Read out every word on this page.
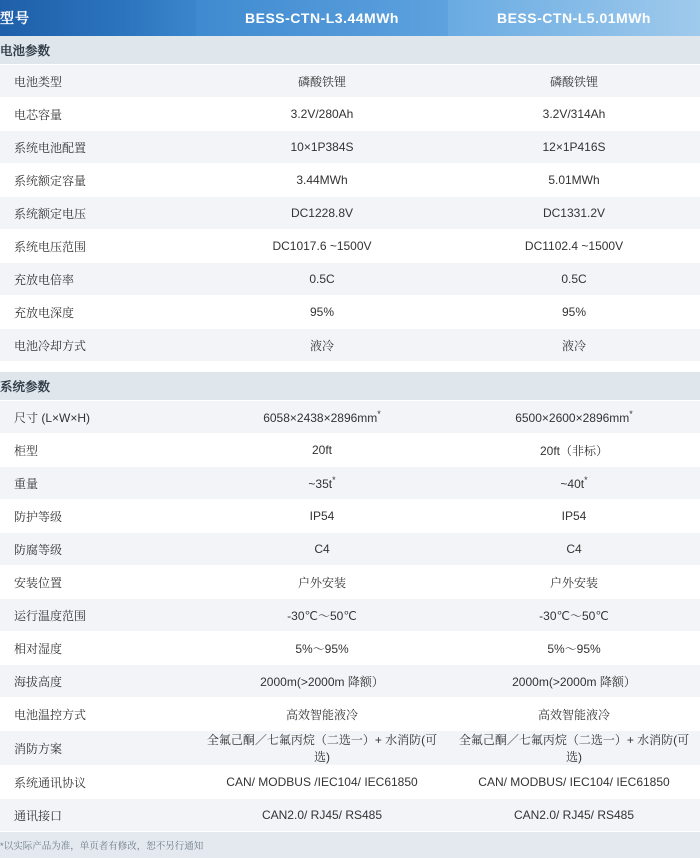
型号	BESS-CTN-L3.44MWh	BESS-CTN-L5.01MWh
电池参数		
电池类型	磷酸铁锂	磷酸铁锂
电芯容量	3.2V/280Ah	3.2V/314Ah
系统电池配置	10×1P384S	12×1P416S
系统额定容量	3.44MWh	5.01MWh
系统额定电压	DC1228.8V	DC1331.2V
系统电压范围	DC1017.6 ~1500V	DC1102.4 ~1500V
充放电倍率	0.5C	0.5C
充放电深度	95%	95%
电池冷却方式	液冷	液冷

系统参数		
尺寸 (L×W×H)	6058×2438×2896mm*	6500×2600×2896mm*
柜型	20ft	20ft（非标）
重量	~35t*	~40t*
防护等级	IP54	IP54
防腐等级	C4	C4
安装位置	户外安装	户外安装
运行温度范围	-30℃～50℃	-30℃～50℃
相对湿度	5%～95%	5%～95%
海拔高度	2000m(>2000m 降额）	2000m(>2000m 降额）
电池温控方式	高效智能液冷	高效智能液冷
消防方案	全氟己酮／七氟丙烷（二选一）+ 水消防(可选)	全氟己酮／七氟丙烷（二选一）+ 水消防(可选)
系统通讯协议	CAN/ MODBUS /IEC104/ IEC61850	CAN/ MODBUS/ IEC104/ IEC61850
通讯接口	CAN2.0/ RJ45/ RS485	CAN2.0/ RJ45/ RS485
*以实际产品为准，单页者有修改，恕不另行通知		
